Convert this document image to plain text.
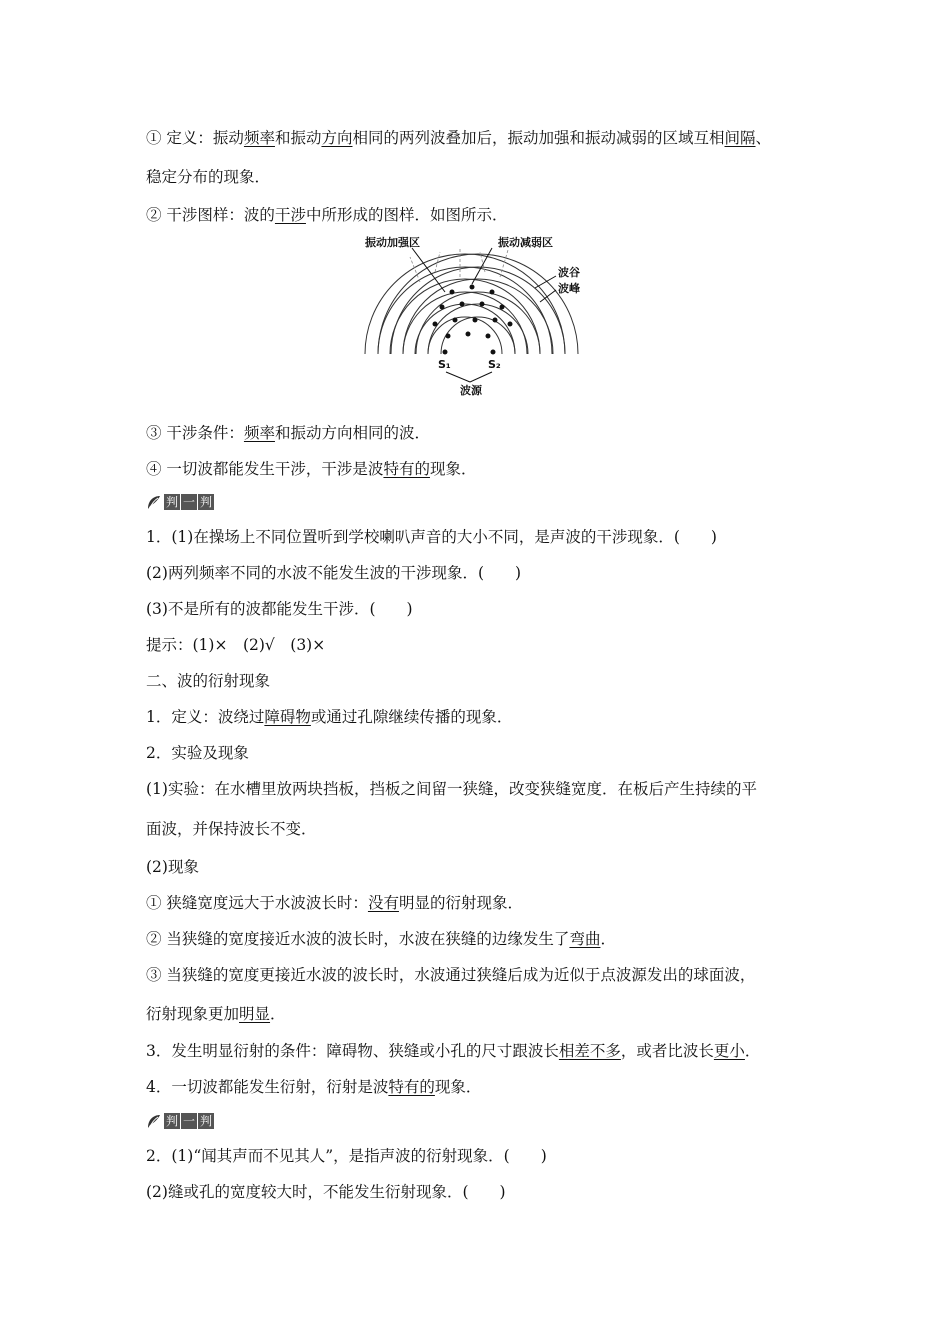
① 定义：振动频率和振动方向相同的两列波叠加后，振动加强和振动减弱的区域互相间隔、
稳定分布的现象．
② 干涉图样：波的干涉中所形成的图样．如图所示．
振动加强区	振动减弱区
波谷
波峰
S₁	S₂
波源
③ 干涉条件：频率和振动方向相同的波．
④ 一切波都能发生干涉，干涉是波特有的现象．
判 一 判
1．(1)在操场上不同位置听到学校喇叭声音的大小不同，是声波的干涉现象．(　　)
(2)两列频率不同的水波不能发生波的干涉现象．(　　)
(3)不是所有的波都能发生干涉．(　　)
提示：(1)×　(2)√　(3)×
二、波的衍射现象
1．定义：波绕过障碍物或通过孔隙继续传播的现象．
2．实验及现象
(1)实验：在水槽里放两块挡板，挡板之间留一狭缝，改变狭缝宽度．在板后产生持续的平
面波，并保持波长不变．
(2)现象
① 狭缝宽度远大于水波波长时：没有明显的衍射现象．
② 当狭缝的宽度接近水波的波长时，水波在狭缝的边缘发生了弯曲．
③ 当狭缝的宽度更接近水波的波长时，水波通过狭缝后成为近似于点波源发出的球面波，
衍射现象更加明显．
3．发生明显衍射的条件：障碍物、狭缝或小孔的尺寸跟波长相差不多，或者比波长更小．
4．一切波都能发生衍射，衍射是波特有的现象．
判 一 判
2．(1)“闻其声而不见其人”，是指声波的衍射现象．(　　)
(2)缝或孔的宽度较大时，不能发生衍射现象．(　　)
